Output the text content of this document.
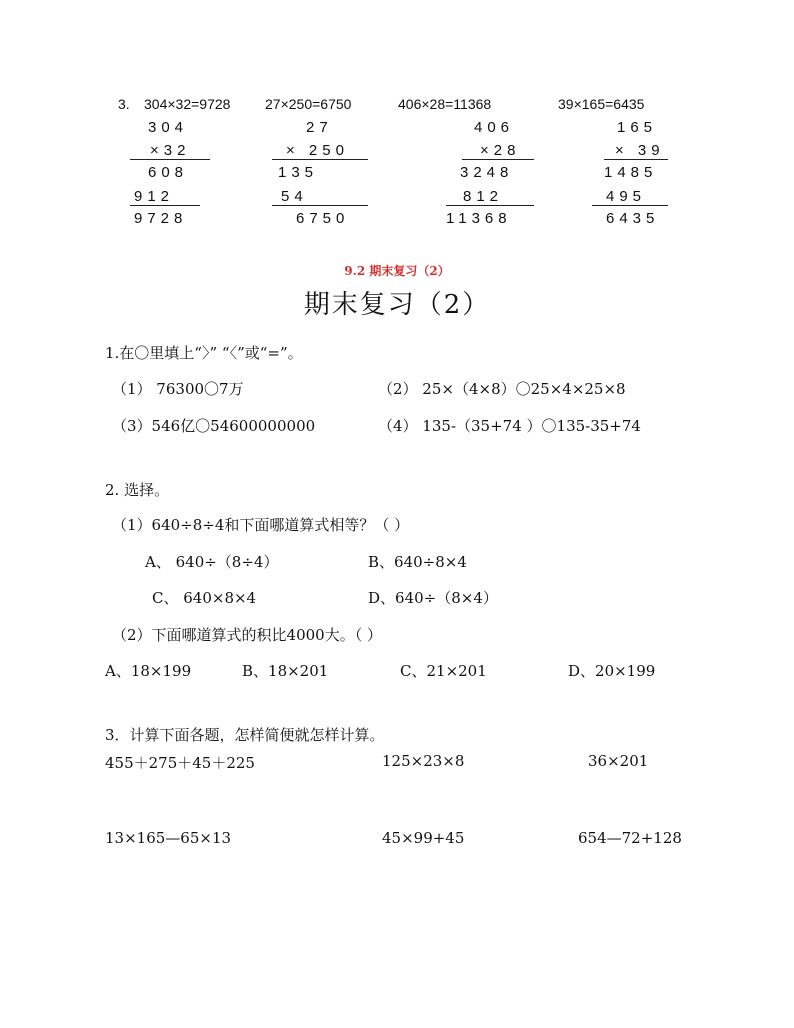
3. 304×32=9728 27×250=6750	406×28=11368	39×165=6435
304
×32
608
912
9728
27
× 250
135
54
6750
406
×28
3248
812
11368
165
× 39
1485
495
6435
9.2 期末复习（2）
期末复习（2）
1.在〇里填上“〉” “〈”或“=”。
（1） 76300〇7万	（2） 25×（4×8）〇25×4×25×8
（3）546亿〇54600000000	（4） 135-（35+74 ）〇135-35+74
2. 选择。
（1）640÷8÷4和下面哪道算式相等？（ ）
A、 640÷（8÷4）	B、640÷8×4
C、 640×8×4	D、640÷（8×4）
（2）下面哪道算式的积比4000大。（ ）
A、18×199	B、18×201	C、21×201	D、20×199
3．计算下面各题，怎样简便就怎样计算。
455＋275＋45＋225	125×23×8	36×201
13×165—65×13	45×99+45	654—72+128
